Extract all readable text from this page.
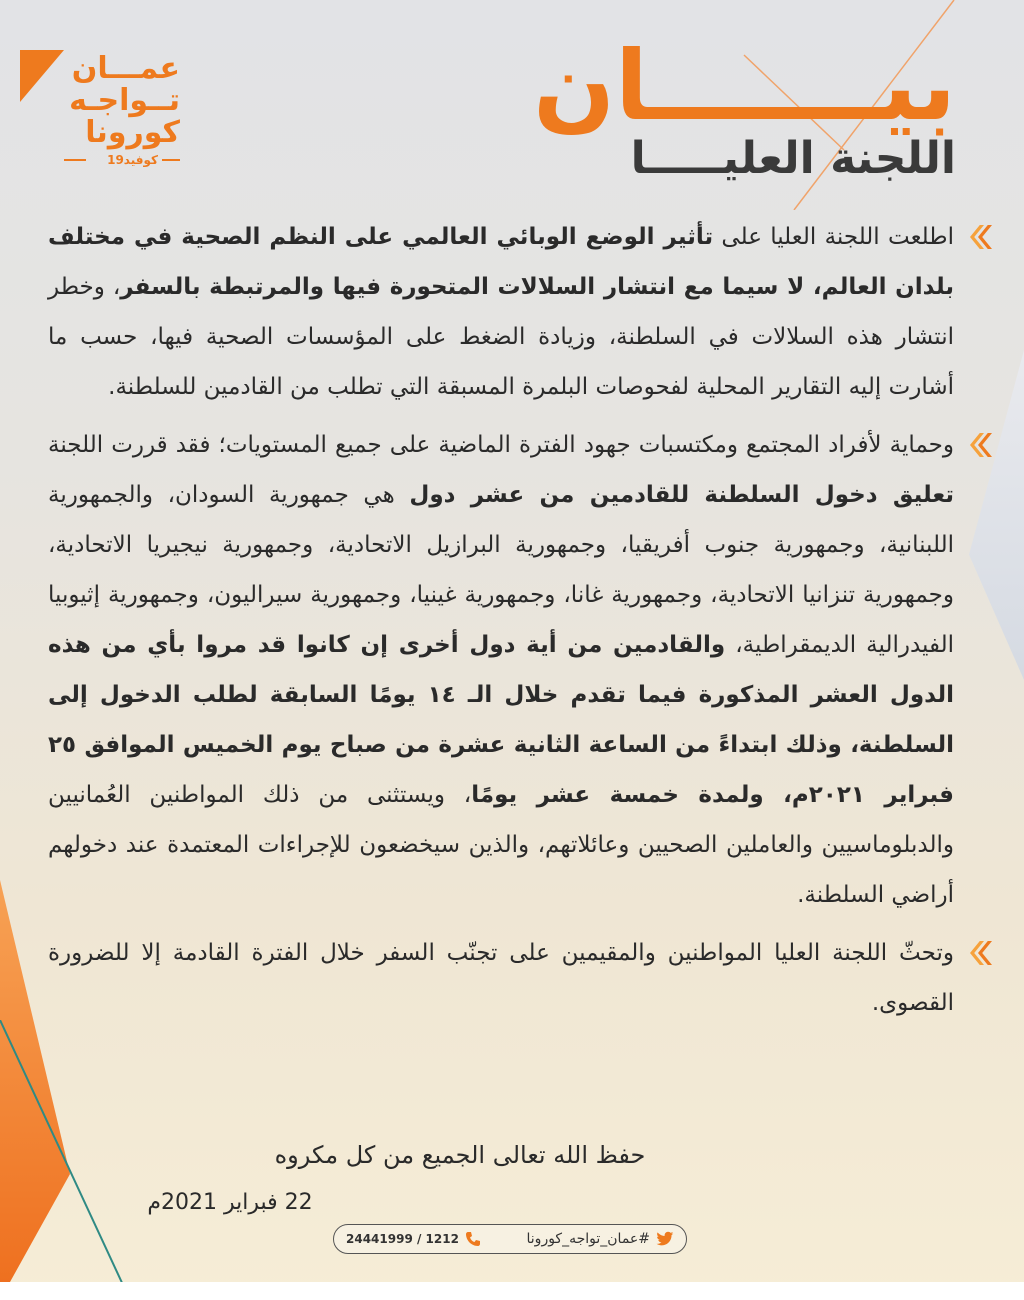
عمـــان
تــواجـه
كورونا
كوفيد19
بيـــــــان
اللجنة العليـــــا

اطلعت اللجنة العليا على تأثير الوضع الوبائي العالمي على النظم الصحية في مختلف بلدان العالم، لا سيما مع انتشار السلالات المتحورة فيها والمرتبطة بالسفر، وخطر انتشار هذه السلالات في السلطنة، وزيادة الضغط على المؤسسات الصحية فيها، حسب ما أشارت إليه التقارير المحلية لفحوصات البلمرة المسبقة التي تطلب من القادمين للسلطنة.

وحماية لأفراد المجتمع ومكتسبات جهود الفترة الماضية على جميع المستويات؛ فقد قررت اللجنة تعليق دخول السلطنة للقادمين من عشر دول هي جمهورية السودان، والجمهورية اللبنانية، وجمهورية جنوب أفريقيا، وجمهورية البرازيل الاتحادية، وجمهورية نيجيريا الاتحادية، وجمهورية تنزانيا الاتحادية، وجمهورية غانا، وجمهورية غينيا، وجمهورية سيراليون، وجمهورية إثيوبيا الفيدرالية الديمقراطية، والقادمين من أية دول أخرى إن كانوا قد مروا بأي من هذه الدول العشر المذكورة فيما تقدم خلال الـ ١٤ يومًا السابقة لطلب الدخول إلى السلطنة، وذلك ابتداءً من الساعة الثانية عشرة من صباح يوم الخميس الموافق ٢٥ فبراير ٢٠٢١م، ولمدة خمسة عشر يومًا، ويستثنى من ذلك المواطنين العُمانيين والدبلوماسيين والعاملين الصحيين وعائلاتهم، والذين سيخضعون للإجراءات المعتمدة عند دخولهم أراضي السلطنة.

وتحثّ اللجنة العليا المواطنين والمقيمين على تجنّب السفر خلال الفترة القادمة إلا للضرورة القصوى.

حفظ الله تعالى الجميع من كل مكروه
22 فبراير 2021م
24441999 / 1212	#عمان_تواجه_كورونا
